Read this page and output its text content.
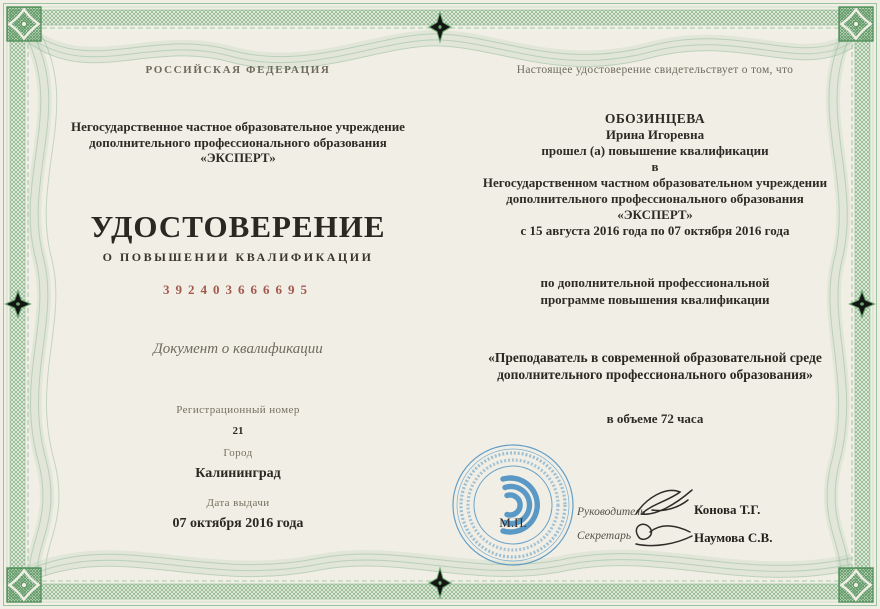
РОССИЙСКАЯ ФЕДЕРАЦИЯ
Негосударственное частное образовательное учреждение
дополнительного профессионального образования
«ЭКСПЕРТ»
УДОСТОВЕРЕНИЕ
О ПОВЫШЕНИИ КВАЛИФИКАЦИИ
392403666695
Документ о квалификации
Регистрационный номер
21
Город
Калининград
Дата выдачи
07 октября 2016 года
Настоящее удостоверение свидетельствует о том, что
ОБОЗИНЦЕВА
Ирина Игоревна
прошел (а) повышение квалификации
в
Негосударственном частном образовательном учреждении
дополнительного профессионального образования
«ЭКСПЕРТ»
с 15 августа 2016 года по 07 октября 2016 года
по дополнительной профессиональной
программе повышения квалификации
«Преподаватель в современной образовательной среде
дополнительного профессионального образования»
в объеме 72 часа
М.П.
Руководитель
Секретарь
Конова Т.Г.
Наумова С.В.
